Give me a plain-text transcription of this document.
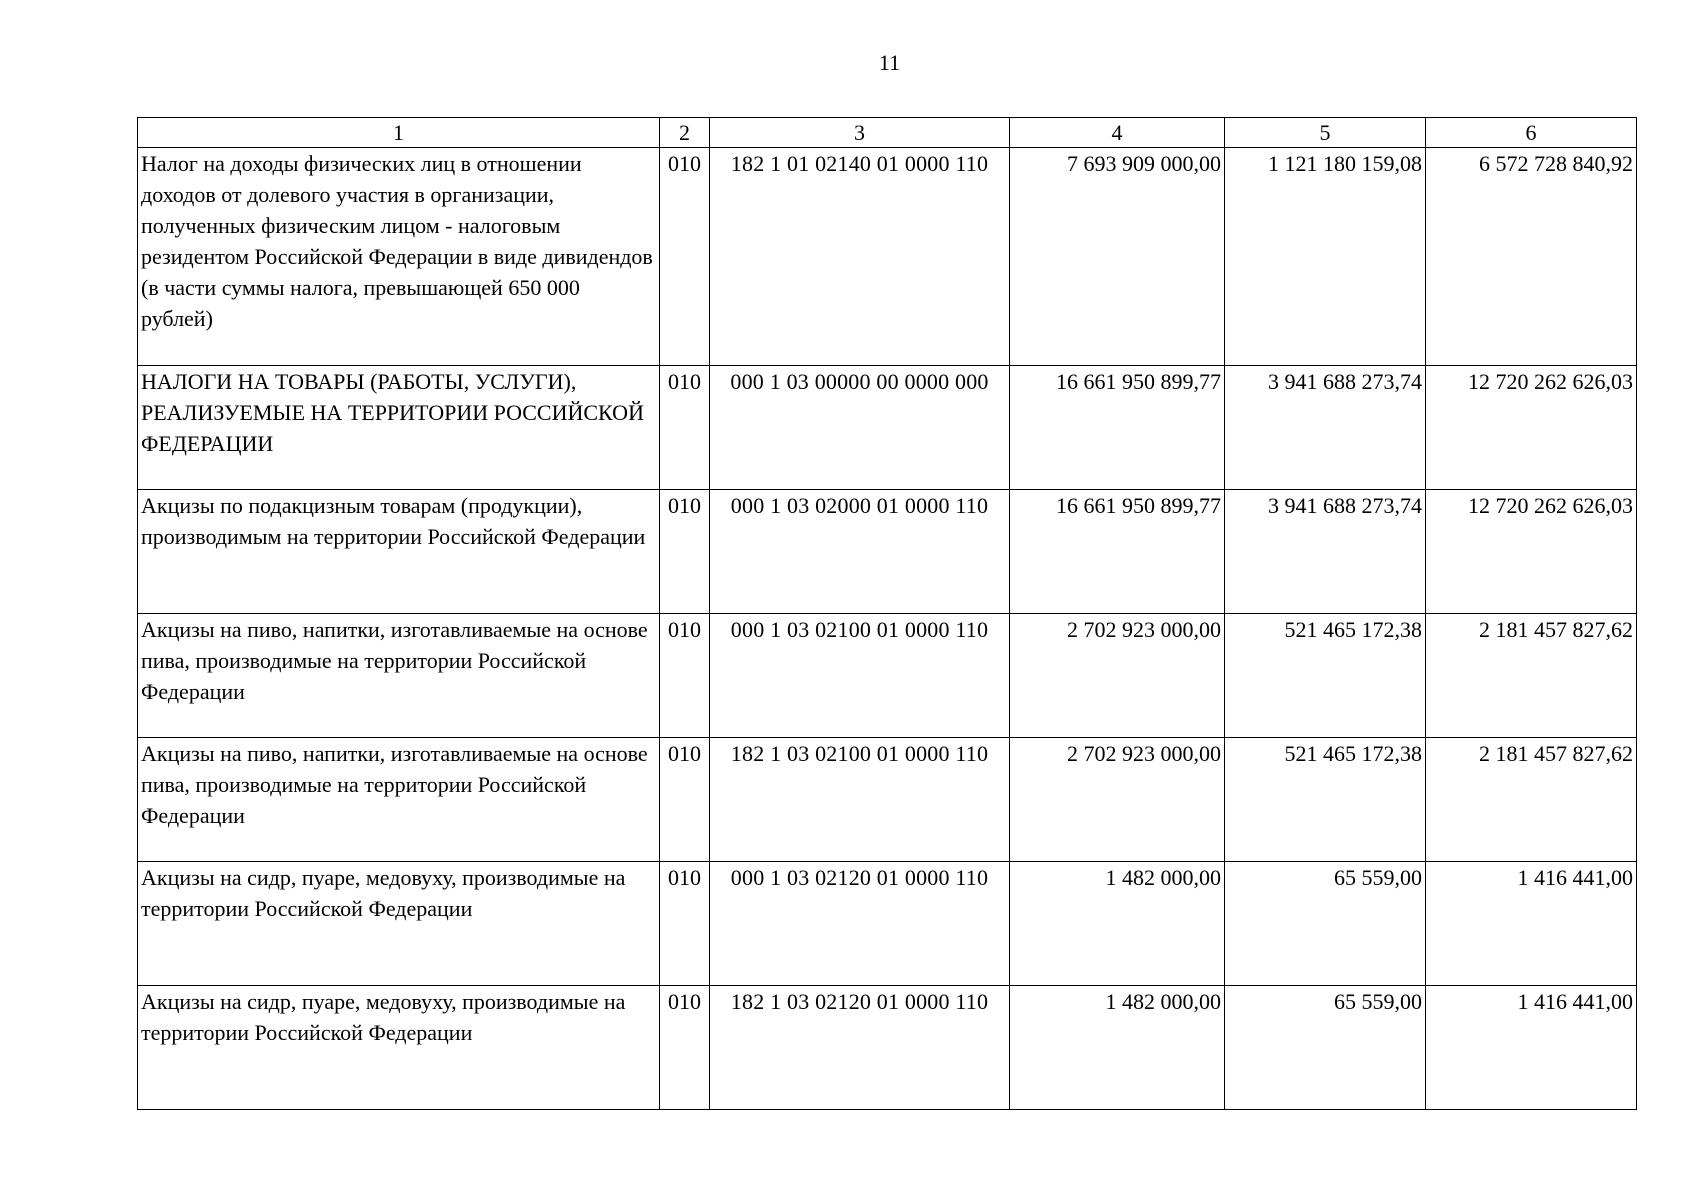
11
1	2	3	4	5	6
Налог на доходы физических лиц в отношении доходов от долевого участия в организации, полученных физическим лицом - налоговым резидентом Российской Федерации в виде дивидендов (в части суммы налога, превышающей 650 000 рублей)	010	182 1 01 02140 01 0000 110	7 693 909 000,00	1 121 180 159,08	6 572 728 840,92
НАЛОГИ НА ТОВАРЫ (РАБОТЫ, УСЛУГИ), РЕАЛИЗУЕМЫЕ НА ТЕРРИТОРИИ РОССИЙСКОЙ ФЕДЕРАЦИИ	010	000 1 03 00000 00 0000 000	16 661 950 899,77	3 941 688 273,74	12 720 262 626,03
Акцизы по подакцизным товарам (продукции), производимым на территории Российской Федерации	010	000 1 03 02000 01 0000 110	16 661 950 899,77	3 941 688 273,74	12 720 262 626,03
Акцизы на пиво, напитки, изготавливаемые на основе пива, производимые на территории Российской Федерации	010	000 1 03 02100 01 0000 110	2 702 923 000,00	521 465 172,38	2 181 457 827,62
Акцизы на пиво, напитки, изготавливаемые на основе пива, производимые на территории Российской Федерации	010	182 1 03 02100 01 0000 110	2 702 923 000,00	521 465 172,38	2 181 457 827,62
Акцизы на сидр, пуаре, медовуху, производимые на территории Российской Федерации	010	000 1 03 02120 01 0000 110	1 482 000,00	65 559,00	1 416 441,00
Акцизы на сидр, пуаре, медовуху, производимые на территории Российской Федерации	010	182 1 03 02120 01 0000 110	1 482 000,00	65 559,00	1 416 441,00
